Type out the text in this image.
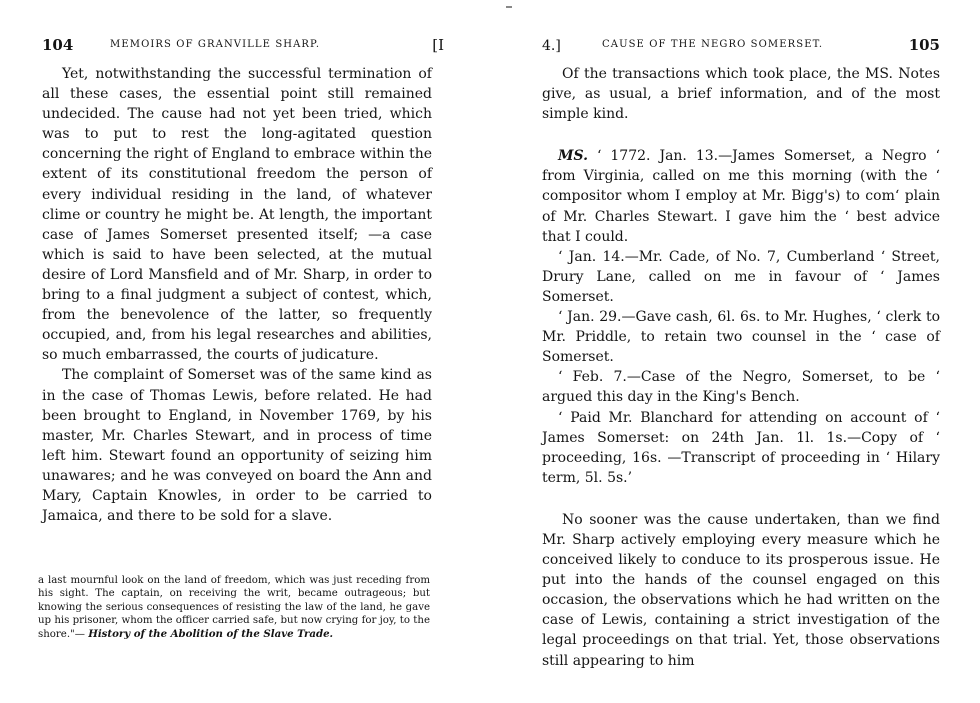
104	MEMOIRS OF GRANVILLE SHARP.	[I

Yet, notwithstanding the successful termination of all these cases, the essential point still remained undecided. The cause had not yet been tried, which was to put to rest the long-agitated question concerning the right of England to embrace within the extent of its constitutional freedom the person of every individual residing in the land, of whatever clime or country he might be. At length, the important case of James Somerset presented itself; —a case which is said to have been selected, at the mutual desire of Lord Mansfield and of Mr. Sharp, in order to bring to a final judgment a subject of contest, which, from the benevolence of the latter, so frequently occupied, and, from his legal researches and abilities, so much embarrassed, the courts of judicature.

The complaint of Somerset was of the same kind as in the case of Thomas Lewis, before related. He had been brought to England, in November 1769, by his master, Mr. Charles Stewart, and in process of time left him. Stewart found an opportunity of seizing him unawares; and he was conveyed on board the Ann and Mary, Captain Knowles, in order to be carried to Jamaica, and there to be sold for a slave.

a last mournful look on the land of freedom, which was just receding from his sight. The captain, on receiving the writ, became outrageous; but knowing the serious consequences of resisting the law of the land, he gave up his prisoner, whom the officer carried safe, but now crying for joy, to the shore."— History of the Abolition of the Slave Trade.
4.]	CAUSE OF THE NEGRO SOMERSET.	105

Of the transactions which took place, the MS. Notes give, as usual, a brief information, and of the most simple kind.

MS. ‘ 1772. Jan. 13.—James Somerset, a Negro ‘ from Virginia, called on me this morning (with the ‘ compositor whom I employ at Mr. Bigg's) to com‘ plain of Mr. Charles Stewart. I gave him the ‘ best advice that I could.

‘ Jan. 14.—Mr. Cade, of No. 7, Cumberland ‘ Street, Drury Lane, called on me in favour of ‘ James Somerset.

‘ Jan. 29.—Gave cash, 6l. 6s. to Mr. Hughes, ‘ clerk to Mr. Priddle, to retain two counsel in the ‘ case of Somerset.

‘ Feb. 7.—Case of the Negro, Somerset, to be ‘ argued this day in the King's Bench.

‘ Paid Mr. Blanchard for attending on account of ‘ James Somerset: on 24th Jan. 1l. 1s.—Copy of ‘ proceeding, 16s. —Transcript of proceeding in ‘ Hilary term, 5l. 5s.’

No sooner was the cause undertaken, than we find Mr. Sharp actively employing every measure which he conceived likely to conduce to its prosperous issue. He put into the hands of the counsel engaged on this occasion, the observations which he had written on the case of Lewis, containing a strict investigation of the legal proceedings on that trial. Yet, those observations still appearing to him
